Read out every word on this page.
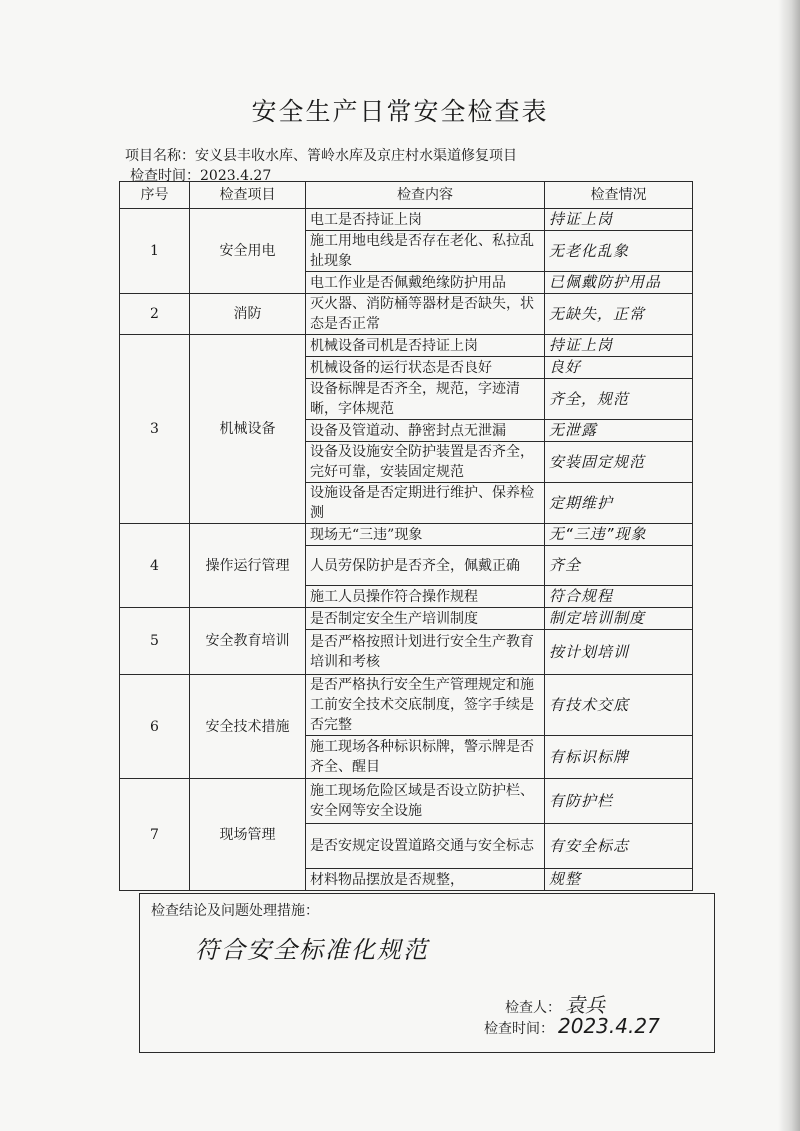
安全生产日常安全检查表
项目名称：安义县丰收水库、箐岭水库及京庄村水渠道修复项目
检查时间：2023.4.27
序号	检查项目	检查内容	检查情况
1	安全用电	电工是否持证上岗	持证上岗
		施工用地电线是否存在老化、私拉乱扯现象	无老化乱象
		电工作业是否佩戴绝缘防护用品	已佩戴防护用品
2	消防	灭火器、消防桶等器材是否缺失，状态是否正常	无缺失，正常
3	机械设备	机械设备司机是否持证上岗	持证上岗
		机械设备的运行状态是否良好	良好
		设备标牌是否齐全，规范，字迹清晰，字体规范	齐全，规范
		设备及管道动、静密封点无泄漏	无泄露
		设备及设施安全防护装置是否齐全，完好可靠，安装固定规范	安装固定规范
		设施设备是否定期进行维护、保养检测	定期维护
4	操作运行管理	现场无“三违”现象	无“三违”现象
		人员劳保防护是否齐全，佩戴正确	齐全
		施工人员操作符合操作规程	符合规程
5	安全教育培训	是否制定安全生产培训制度	制定培训制度
		是否严格按照计划进行安全生产教育培训和考核	按计划培训
6	安全技术措施	是否严格执行安全生产管理规定和施工前安全技术交底制度，签字手续是否完整	有技术交底
		施工现场各种标识标牌，警示牌是否齐全、醒目	有标识标牌
7	现场管理	施工现场危险区域是否设立防护栏、安全网等安全设施	有防护栏
		是否安规定设置道路交通与安全标志	有安全标志
		材料物品摆放是否规整，	规整
检查结论及问题处理措施：
符合安全标准化规范
检查人： 袁兵
检查时间： 2023.4.27
